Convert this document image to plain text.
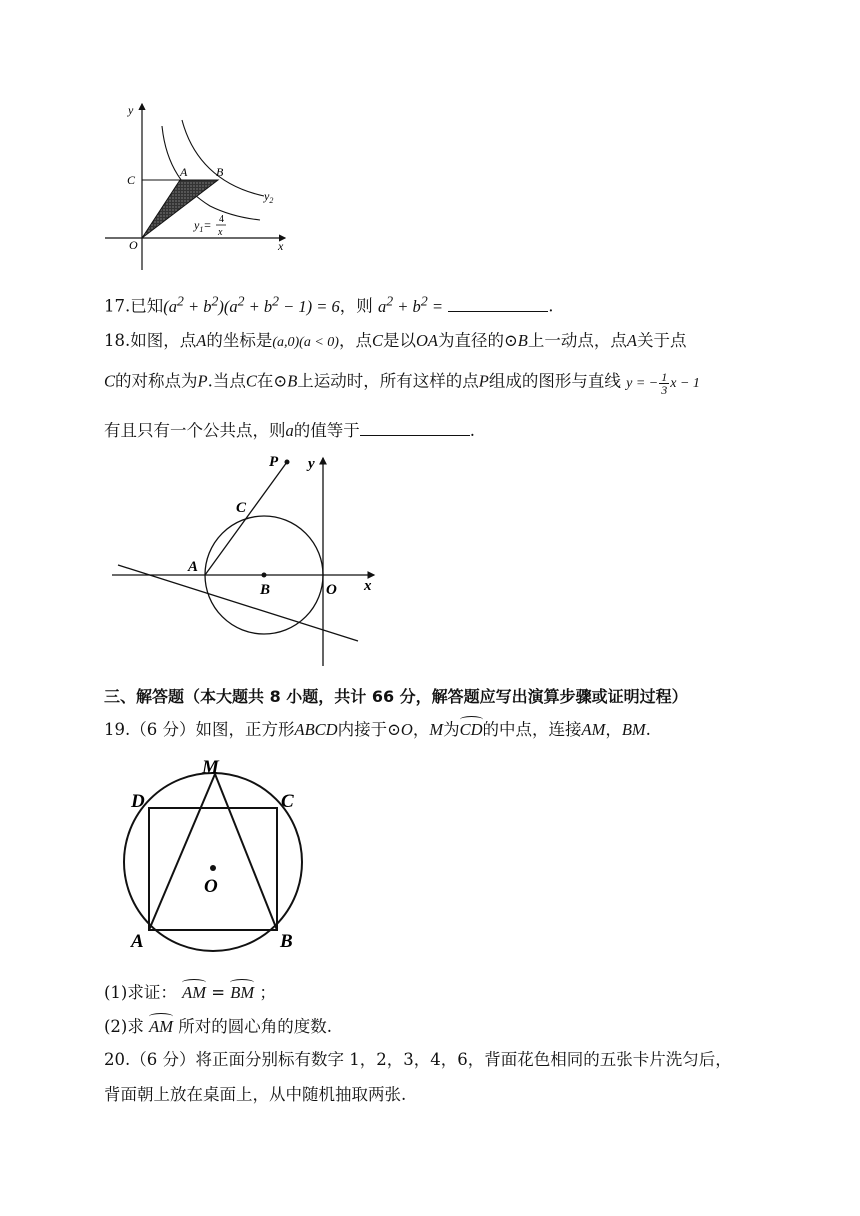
y
x
O
C
A B
$y_2$
$y_1= 4$
x
17.已知$(a^2 + b^2)(a^2 + b^2 - 1) = 6$，则 $a^2 + b^2$ =	.
18.如图，点A的坐标是(a,0)(a < 0)，点C是以OA为直径的⊙B上一动点，点A关于点
C的对称点为P.当点C在⊙B上运动时，所有这样的点P组成的图形与直线 y = − $\frac{1}{3}$ x − 1
有且只有一个公共点，则a的值等于	.
P y
C
A
B	O x
三、解答题（本大题共 8 小题，共计 66 分，解答题应写出演算步骤或证明过程）
19.（6 分）如图，正方形ABCD内接于⊙O，M为CD的中点，连接AM，BM.
M
D	C
O
A	B
(1)求证： AM = BM ；
(2)求 AM 所对的圆心角的度数.
20.（6 分）将正面分别标有数字 1，2，3，4，6，背面花色相同的五张卡片洗匀后，
背面朝上放在桌面上，从中随机抽取两张.
